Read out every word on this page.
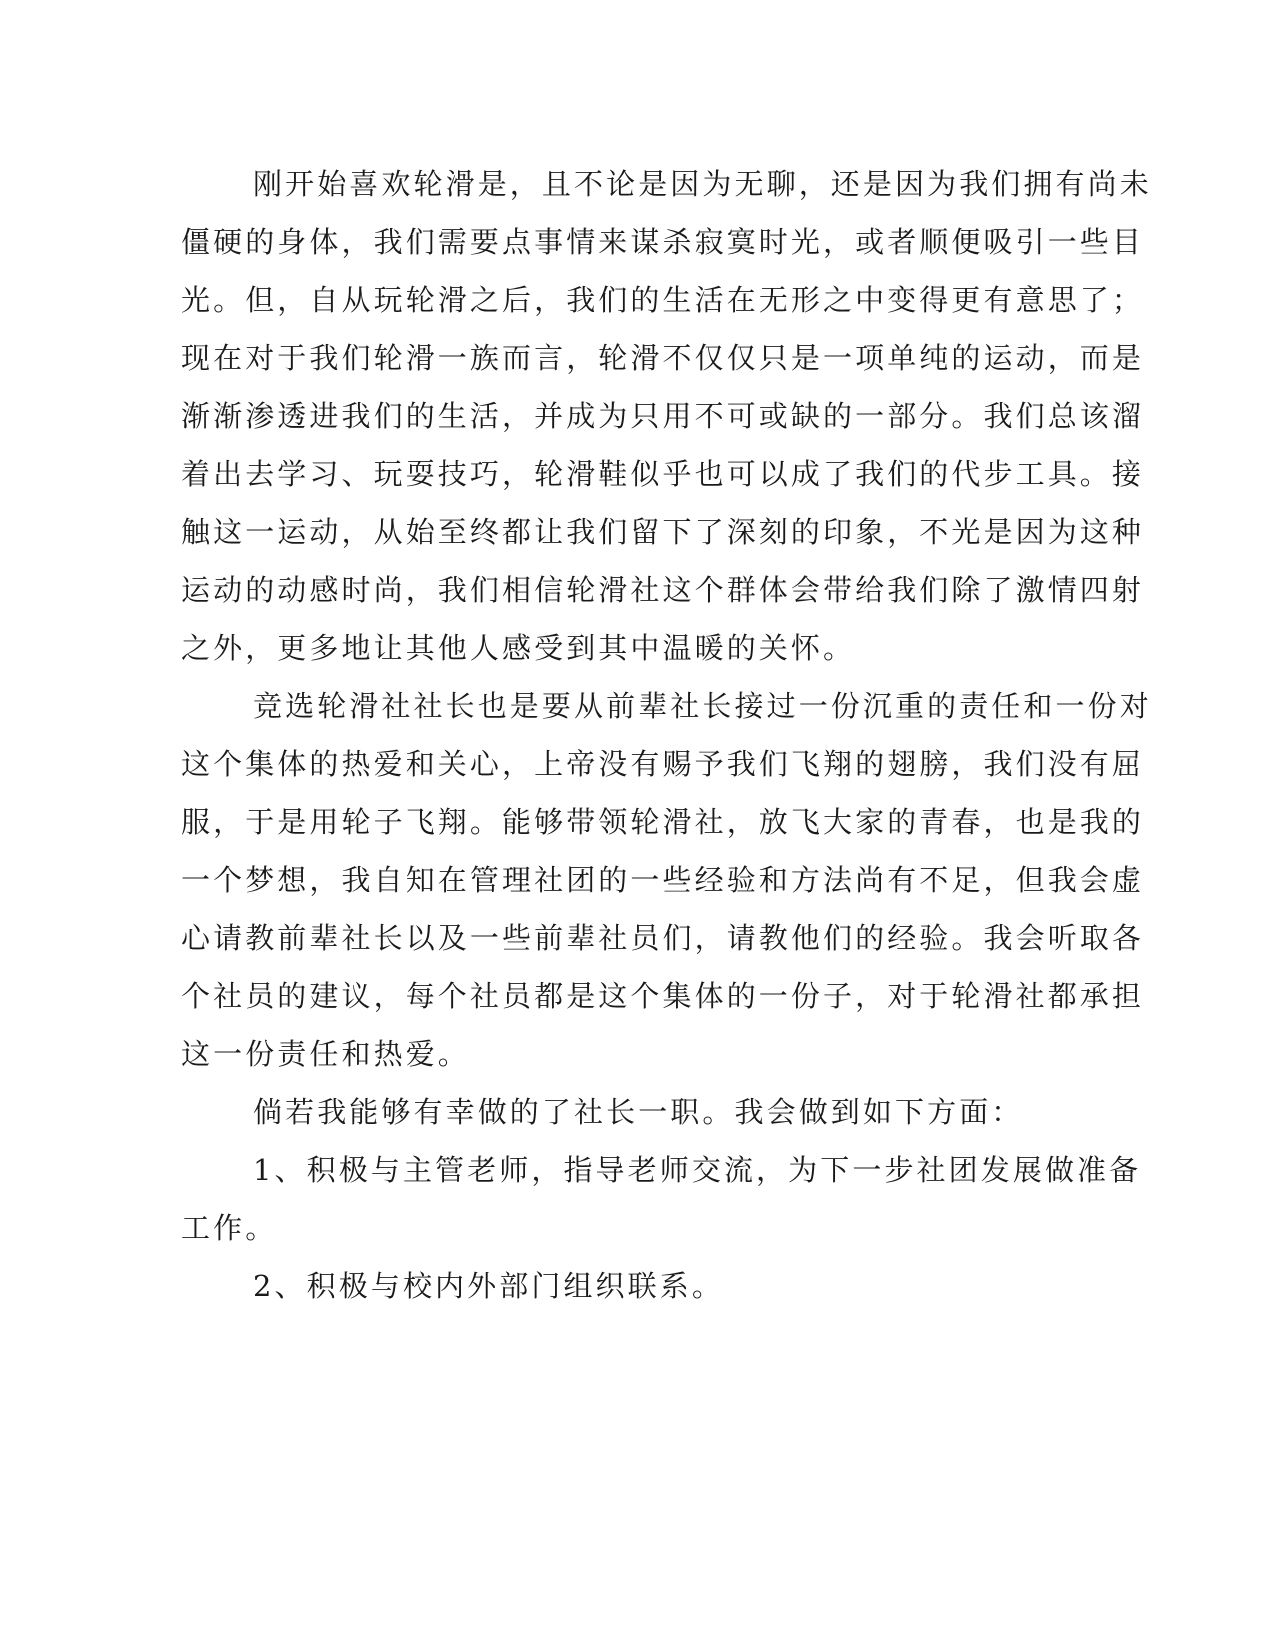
刚开始喜欢轮滑是，且不论是因为无聊，还是因为我们拥有尚未
僵硬的身体，我们需要点事情来谋杀寂寞时光，或者顺便吸引一些目
光。但，自从玩轮滑之后，我们的生活在无形之中变得更有意思了；
现在对于我们轮滑一族而言，轮滑不仅仅只是一项单纯的运动，而是
渐渐渗透进我们的生活，并成为只用不可或缺的一部分。我们总该溜
着出去学习、玩耍技巧，轮滑鞋似乎也可以成了我们的代步工具。接
触这一运动，从始至终都让我们留下了深刻的印象，不光是因为这种
运动的动感时尚，我们相信轮滑社这个群体会带给我们除了激情四射
之外，更多地让其他人感受到其中温暖的关怀。
竞选轮滑社社长也是要从前辈社长接过一份沉重的责任和一份对
这个集体的热爱和关心，上帝没有赐予我们飞翔的翅膀，我们没有屈
服，于是用轮子飞翔。能够带领轮滑社，放飞大家的青春，也是我的
一个梦想，我自知在管理社团的一些经验和方法尚有不足，但我会虚
心请教前辈社长以及一些前辈社员们，请教他们的经验。我会听取各
个社员的建议，每个社员都是这个集体的一份子，对于轮滑社都承担
这一份责任和热爱。
倘若我能够有幸做的了社长一职。我会做到如下方面：
1、积极与主管老师，指导老师交流，为下一步社团发展做准备
工作。
2、积极与校内外部门组织联系。
